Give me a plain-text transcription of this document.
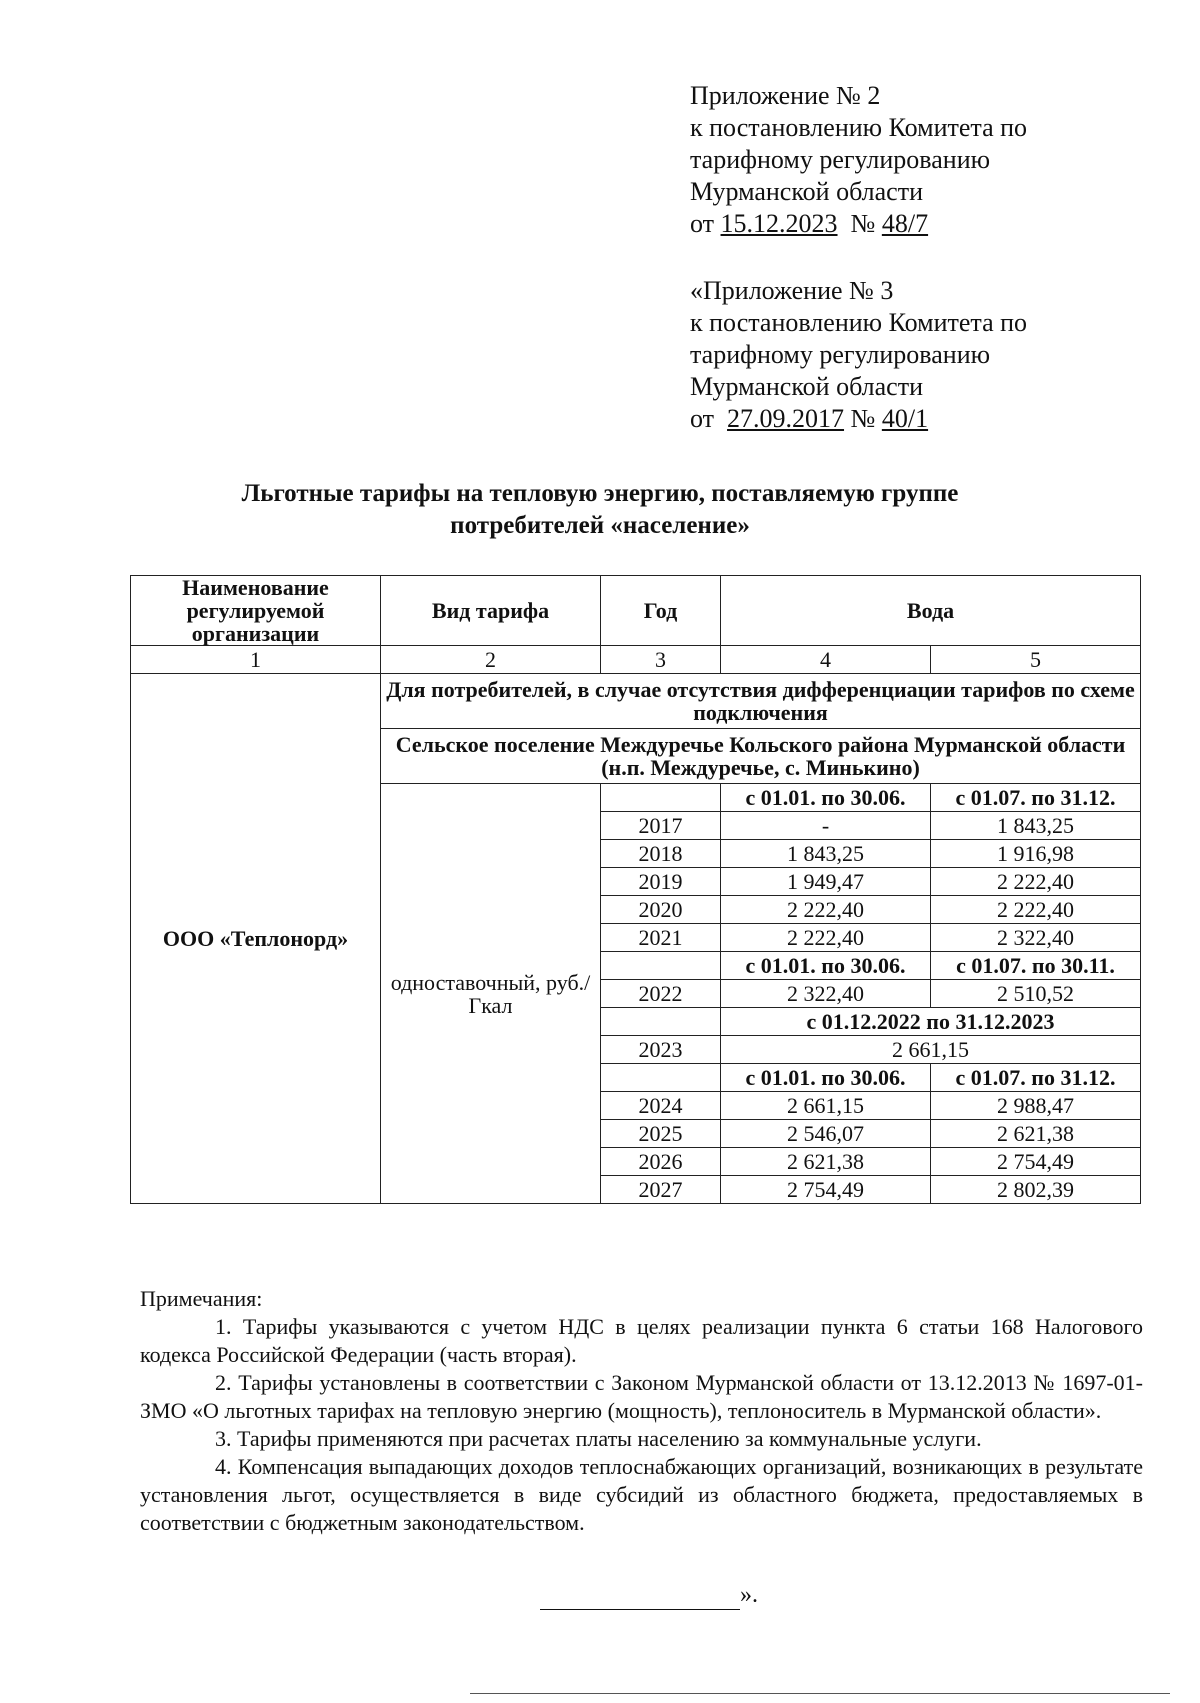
Приложение № 2
к постановлению Комитета по
тарифному регулированию
Мурманской области
от 15.12.2023  № 48/7
«Приложение № 3
к постановлению Комитета по
тарифному регулированию
Мурманской области
от  27.09.2017 № 40/1
Льготные тарифы на тепловую энергию, поставляемую группе
потребителей «население»
Наименование регулируемой организации	Вид тарифа	Год	Вода	
1	2	3	4	5
ООО «Теплонорд»	Для потребителей, в случае отсутствия дифференциации тарифов по схеме подключения			
	Сельское поселение Междуречье Кольского района Мурманской области (н.п. Междуречье, с. Минькино)			
	одноставочный, руб./Гкал		с 01.01. по 30.06.	с 01.07. по 31.12.
		2017	-	1 843,25
		2018	1 843,25	1 916,98
		2019	1 949,47	2 222,40
		2020	2 222,40	2 222,40
		2021	2 222,40	2 322,40
			с 01.01. по 30.06.	с 01.07. по 30.11.
		2022	2 322,40	2 510,52
			с 01.12.2022 по 31.12.2023	
		2023	2 661,15	
			с 01.01. по 30.06.	с 01.07. по 31.12.
		2024	2 661,15	2 988,47
		2025	2 546,07	2 621,38
		2026	2 621,38	2 754,49
		2027	2 754,49	2 802,39

Примечания:

1. Тарифы указываются с учетом НДС в целях реализации пункта 6 статьи 168 Налогового кодекса Российской Федерации (часть вторая).

2. Тарифы установлены в соответствии с Законом Мурманской области от 13.12.2013 № 1697-01-ЗМО «О льготных тарифах на тепловую энергию (мощность), теплоноситель в Мурманской области».

3. Тарифы применяются при расчетах платы населению за коммунальные услуги.

4. Компенсация выпадающих доходов теплоснабжающих организаций, возникающих в результате установления льгот, осуществляется в виде субсидий из областного бюджета, предоставляемых в соответствии с бюджетным законодательством.

».
